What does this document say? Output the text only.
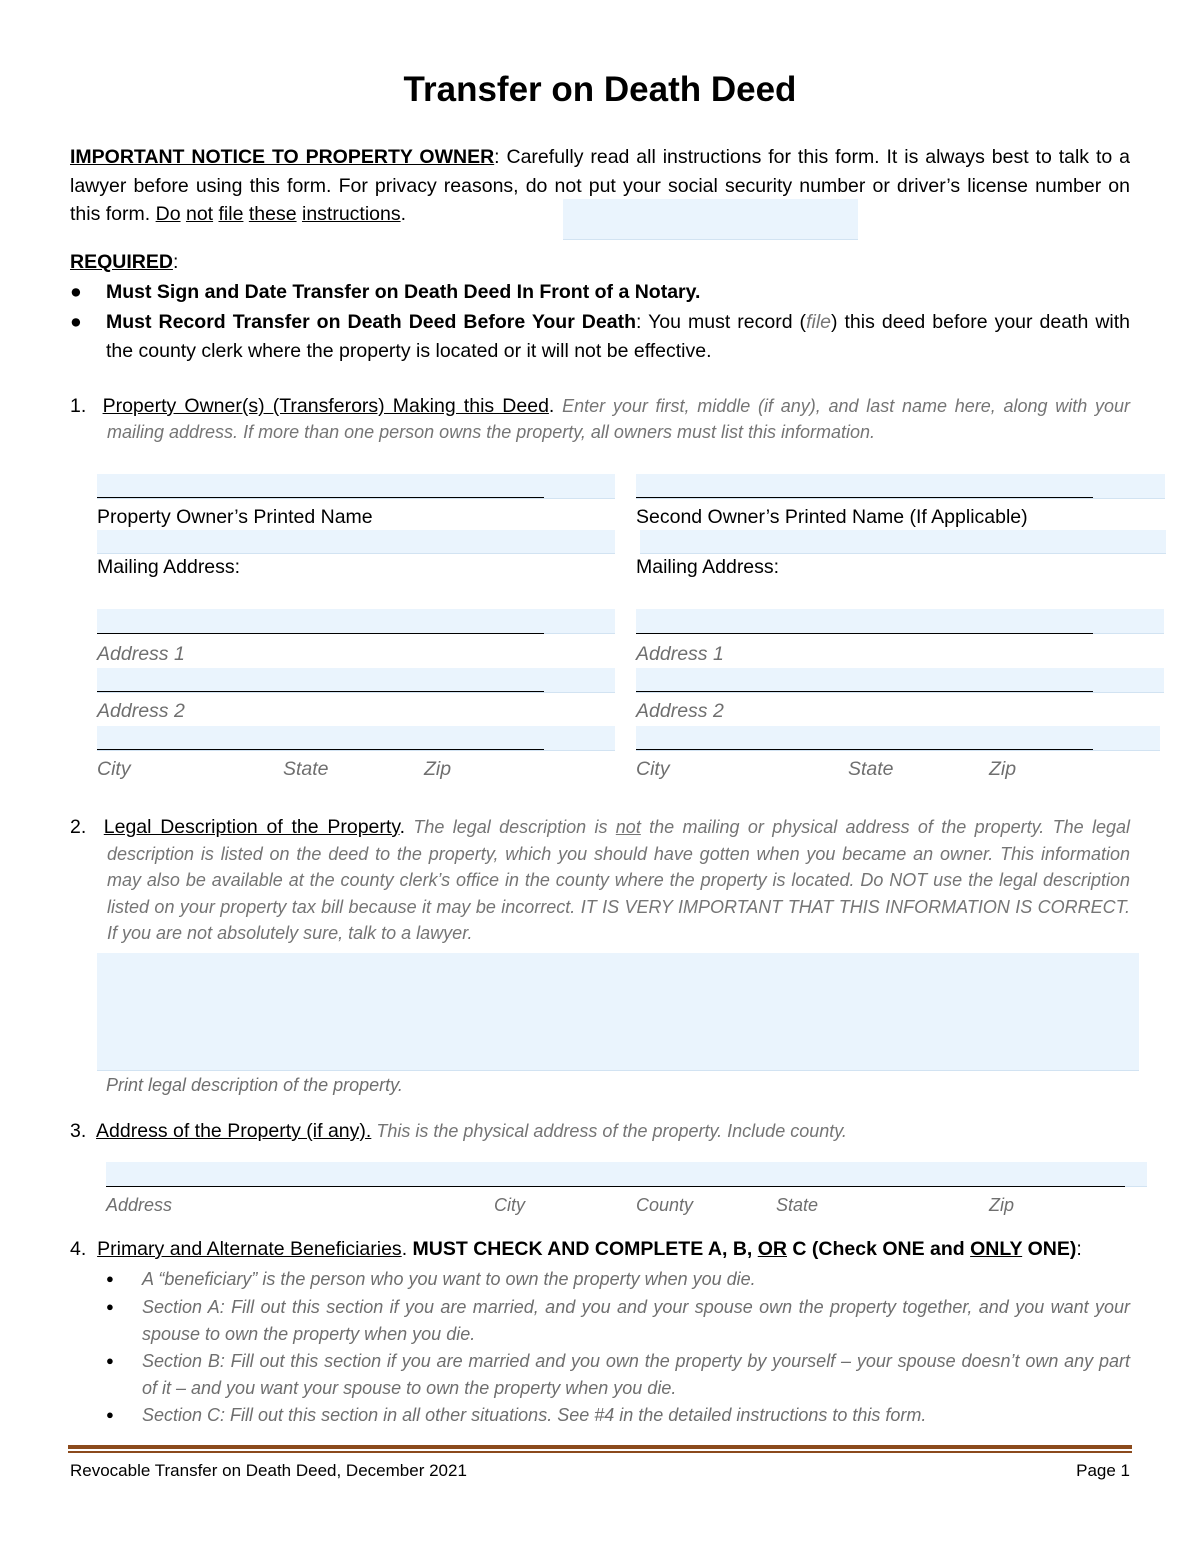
Transfer on Death Deed
IMPORTANT NOTICE TO PROPERTY OWNER: Carefully read all instructions for this form. It is always best to talk to a lawyer before using this form. For privacy reasons, do not put your social security number or driver’s license number on this form. Do not file these instructions.
REQUIRED:
●	Must Sign and Date Transfer on Death Deed In Front of a Notary.
●	Must Record Transfer on Death Deed Before Your Death: You must record (file) this deed before your death with the county clerk where the property is located or it will not be effective.
1. Property Owner(s) (Transferors) Making this Deed. Enter your first, middle (if any), and last name here, along with your mailing address. If more than one person owns the property, all owners must list this information.
Property Owner’s Printed Name
Mailing Address:
Address 1
Address 2
City	State	Zip
Second Owner’s Printed Name (If Applicable)
Mailing Address:
Address 1
Address 2
City	State	Zip
2. Legal Description of the Property. The legal description is not the mailing or physical address of the property. The legal description is listed on the deed to the property, which you should have gotten when you became an owner. This information may also be available at the county clerk’s office in the county where the property is located. Do NOT use the legal description listed on your property tax bill because it may be incorrect. IT IS VERY IMPORTANT THAT THIS INFORMATION IS CORRECT. If you are not absolutely sure, talk to a lawyer.
Print legal description of the property.
3. Address of the Property (if any). This is the physical address of the property. Include county.
Address	City	County	State	Zip
4. Primary and Alternate Beneficiaries. MUST CHECK AND COMPLETE A, B, OR C (Check ONE and ONLY ONE):
●	A “beneficiary” is the person who you want to own the property when you die.
●	Section A: Fill out this section if you are married, and you and your spouse own the property together, and you want your spouse to own the property when you die.
●	Section B: Fill out this section if you are married and you own the property by yourself – your spouse doesn’t own any part of it – and you want your spouse to own the property when you die.
●	Section C: Fill out this section in all other situations. See #4 in the detailed instructions to this form.
Revocable Transfer on Death Deed, December 2021	Page 1
